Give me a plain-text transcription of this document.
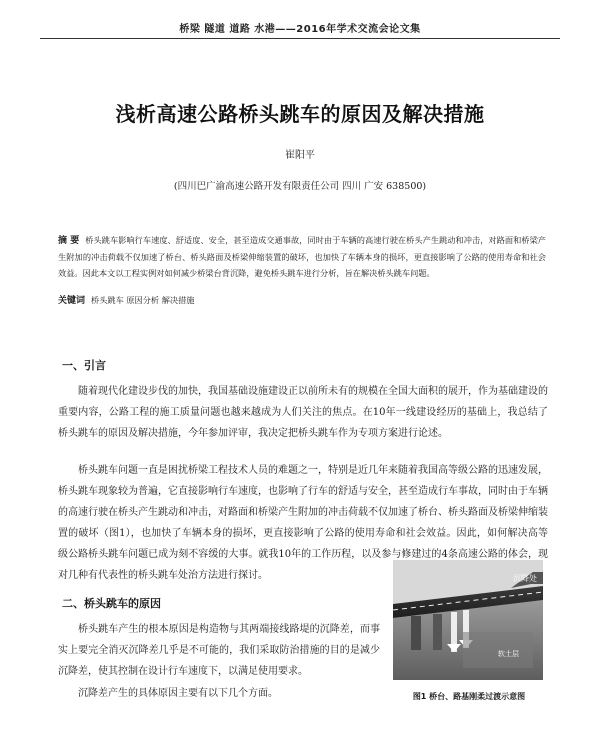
桥梁 隧道 道路 水港——2016年学术交流会论文集
浅析高速公路桥头跳车的原因及解决措施
崔阳平
(四川巴广渝高速公路开发有限责任公司 四川 广安 638500)
摘 要 桥头跳车影响行车速度、舒适度、安全，甚至造成交通事故，同时由于车辆的高速行驶在桥头产生跳动和冲击，对路面和桥梁产生附加的冲击荷载不仅加速了桥台、桥头路面及桥梁伸缩装置的破坏，也加快了车辆本身的损坏，更直接影响了公路的使用寿命和社会效益。因此本文以工程实例对如何减少桥梁台背沉降，避免桥头跳车进行分析，旨在解决桥头跳车问题。
关键词 桥头跳车 原因分析 解决措施
一、引言

随着现代化建设步伐的加快，我国基础设施建设正以前所未有的规模在全国大面积的展开，作为基础建设的重要内容，公路工程的施工质量问题也越来越成为人们关注的焦点。在10年一线建设经历的基础上，我总结了桥头跳车的原因及解决措施，今年参加评审，我决定把桥头跳车作为专项方案进行论述。

桥头跳车问题一直是困扰桥梁工程技术人员的难题之一，特别是近几年来随着我国高等级公路的迅速发展，桥头跳车现象较为普遍，它直接影响行车速度，也影响了行车的舒适与安全，甚至造成行车事故，同时由于车辆的高速行驶在桥头产生跳动和冲击，对路面和桥梁产生附加的冲击荷载不仅加速了桥台、桥头路面及桥梁伸缩装置的破坏（图1），也加快了车辆本身的损坏，更直接影响了公路的使用寿命和社会效益。因此，如何解决高等级公路桥头跳车问题已成为刻不容缓的大事。就我10年的工作历程，以及参与修建过的4条高速公路的体会，现对几种有代表性的桥头跳车处治方法进行探讨。

二、桥头跳车的原因

桥头跳车产生的根本原因是构造物与其两端接线路堤的沉降差，而事实上要完全消灭沉降差几乎是不可能的，我们采取防治措施的目的是减少沉降差，使其控制在设计行车速度下，以满足使用要求。

沉降差产生的具体原因主要有以下几个方面。

沉降处
软土层
图1 桥台、路基刚柔过渡示意图
